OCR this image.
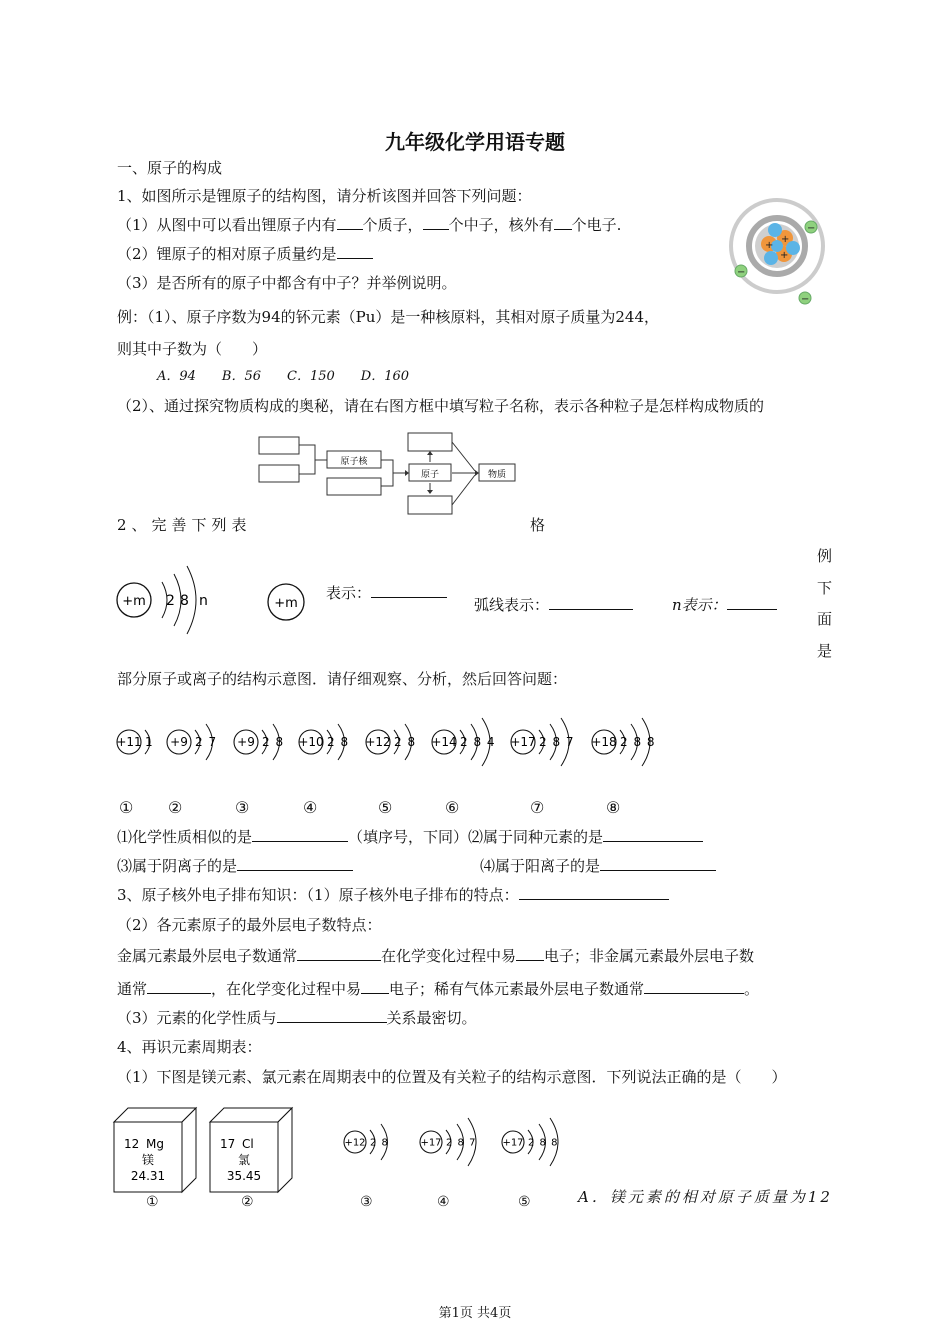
九年级化学用语专题
一、原子的构成
1、如图所示是锂原子的结构图，请分析该图并回答下列问题：
（1）从图中可以看出锂原子内有 个质子， 个中子，核外有 个电子.
（2）锂原子的相对原子质量约是
（3）是否所有的原子中都含有中子？并举例说明。
例：（1）、原子序数为94的钚元素（Pu）是一种核原料，其相对原子质量为244，
则其中子数为（　　）
A．94　　B．56　　C．150　　D．160
（2）、通过探究物质构成的奥秘，请在右图方框中填写粒子名称，表示各种粒子是怎样构成物质的
+
+
+
−
−
−
原子核
原子	物质
2、完善下列表	格
例
下
面
是
+m 2 8 n	+m
表示：
弧线表示：	n表示：
部分原子或离子的结构示意图．请仔细观察、分析，然后回答问题：
+11 1 +9 2 7 +9 2 8 +10 2 8 +12 2 8 +14 2 8 4 +17 2 8 7 +18 2 8 8
① ②	③	④	⑤	⑥	⑦	⑧
⑴化学性质相似的是	（填序号，下同）⑵属于同种元素的是
⑶属于阴离子的是	⑷属于阳离子的是
3、原子核外电子排布知识：（1）原子核外电子排布的特点：
（2）各元素原子的最外层电子数特点：
金属元素最外层电子数通常	在化学变化过程中易 电子；非金属元素最外层电子数
通常	，在化学变化过程中易 电子；稀有气体元素最外层电子数通常	。
（3）元素的化学性质与	关系最密切。
4、再识元素周期表：
（1）下图是镁元素、氯元素在周期表中的位置及有关粒子的结构示意图．下列说法正确的是（　　）
12 Mg
镁
24.31
17 Cl
氯
35.45
+12 2 8	+17 2 8 7	+17 2 8 8
①	②	③	④	⑤	A．镁元素的相对原子质量为12
第1页 共4页
